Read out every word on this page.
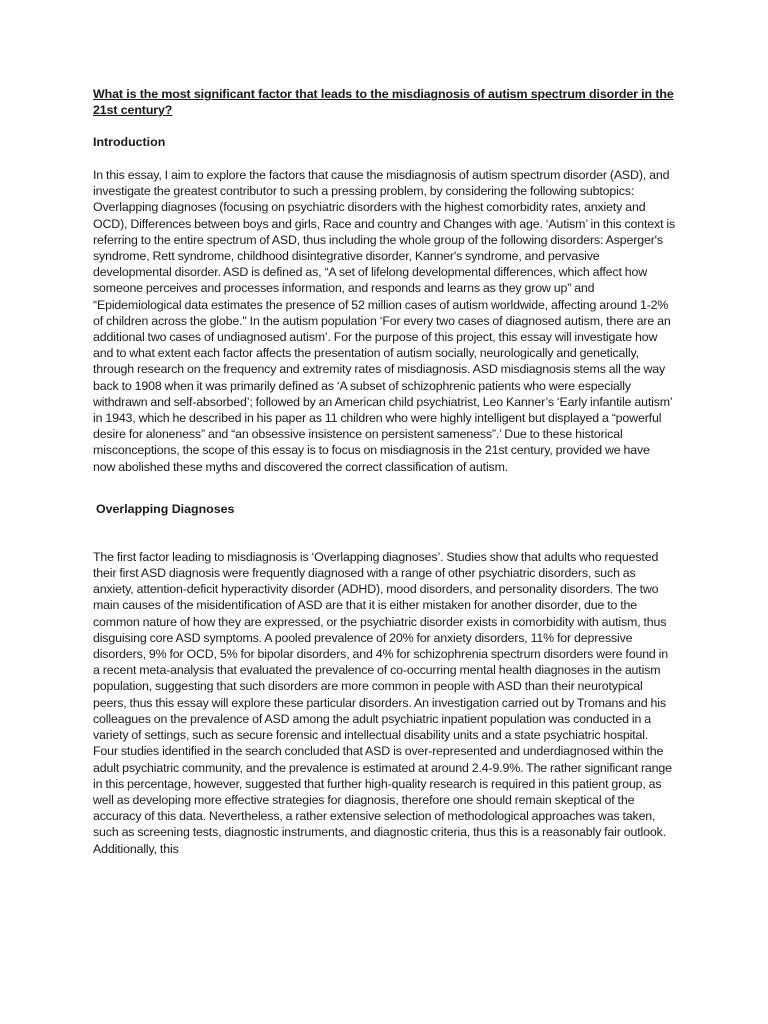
What is the most significant factor that leads to the misdiagnosis of autism spectrum disorder in the 21st century?

Introduction

In this essay, I aim to explore the factors that cause the misdiagnosis of autism spectrum disorder (ASD), and investigate the greatest contributor to such a pressing problem, by considering the following subtopics: Overlapping diagnoses (focusing on psychiatric disorders with the highest comorbidity rates, anxiety and OCD), Differences between boys and girls, Race and country and Changes with age. ‘Autism’ in this context is referring to the entire spectrum of ASD, thus including the whole group of the following disorders: Asperger's syndrome, Rett syndrome, childhood disintegrative disorder, Kanner's syndrome, and pervasive developmental disorder. ASD is defined as, “A set of lifelong developmental differences, which affect how someone perceives and processes information, and responds and learns as they grow up” and “Epidemiological data estimates the presence of 52 million cases of autism worldwide, affecting around 1-2% of children across the globe." In the autism population ‘For every two cases of diagnosed autism, there are an additional two cases of undiagnosed autism’. For the purpose of this project, this essay will investigate how and to what extent each factor affects the presentation of autism socially, neurologically and genetically, through research on the frequency and extremity rates of misdiagnosis. ASD misdiagnosis stems all the way back to 1908 when it was primarily defined as ‘A subset of schizophrenic patients who were especially withdrawn and self-absorbed’; followed by an American child psychiatrist, Leo Kanner’s ‘Early infantile autism’ in 1943, which he described in his paper as 11 children who were highly intelligent but displayed a “powerful desire for aloneness” and “an obsessive insistence on persistent sameness”.’ Due to these historical misconceptions, the scope of this essay is to focus on misdiagnosis in the 21st century, provided we have now abolished these myths and discovered the correct classification of autism.

Overlapping Diagnoses

The first factor leading to misdiagnosis is ‘Overlapping diagnoses’. Studies show that adults who requested their first ASD diagnosis were frequently diagnosed with a range of other psychiatric disorders, such as anxiety, attention-deficit hyperactivity disorder (ADHD), mood disorders, and personality disorders. The two main causes of the misidentification of ASD are that it is either mistaken for another disorder, due to the common nature of how they are expressed, or the psychiatric disorder exists in comorbidity with autism, thus disguising core ASD symptoms. A pooled prevalence of 20% for anxiety disorders, 11% for depressive disorders, 9% for OCD, 5% for bipolar disorders, and 4% for schizophrenia spectrum disorders were found in a recent meta-analysis that evaluated the prevalence of co-occurring mental health diagnoses in the autism population, suggesting that such disorders are more common in people with ASD than their neurotypical peers, thus this essay will explore these particular disorders. An investigation carried out by Tromans and his colleagues on the prevalence of ASD among the adult psychiatric inpatient population was conducted in a variety of settings, such as secure forensic and intellectual disability units and a state psychiatric hospital. Four studies identified in the search concluded that ASD is over-represented and underdiagnosed within the adult psychiatric community, and the prevalence is estimated at around 2.4-9.9%. The rather significant range in this percentage, however, suggested that further high-quality research is required in this patient group, as well as developing more effective strategies for diagnosis, therefore one should remain skeptical of the accuracy of this data. Nevertheless, a rather extensive selection of methodological approaches was taken, such as screening tests, diagnostic instruments, and diagnostic criteria, thus this is a reasonably fair outlook. Additionally, this
